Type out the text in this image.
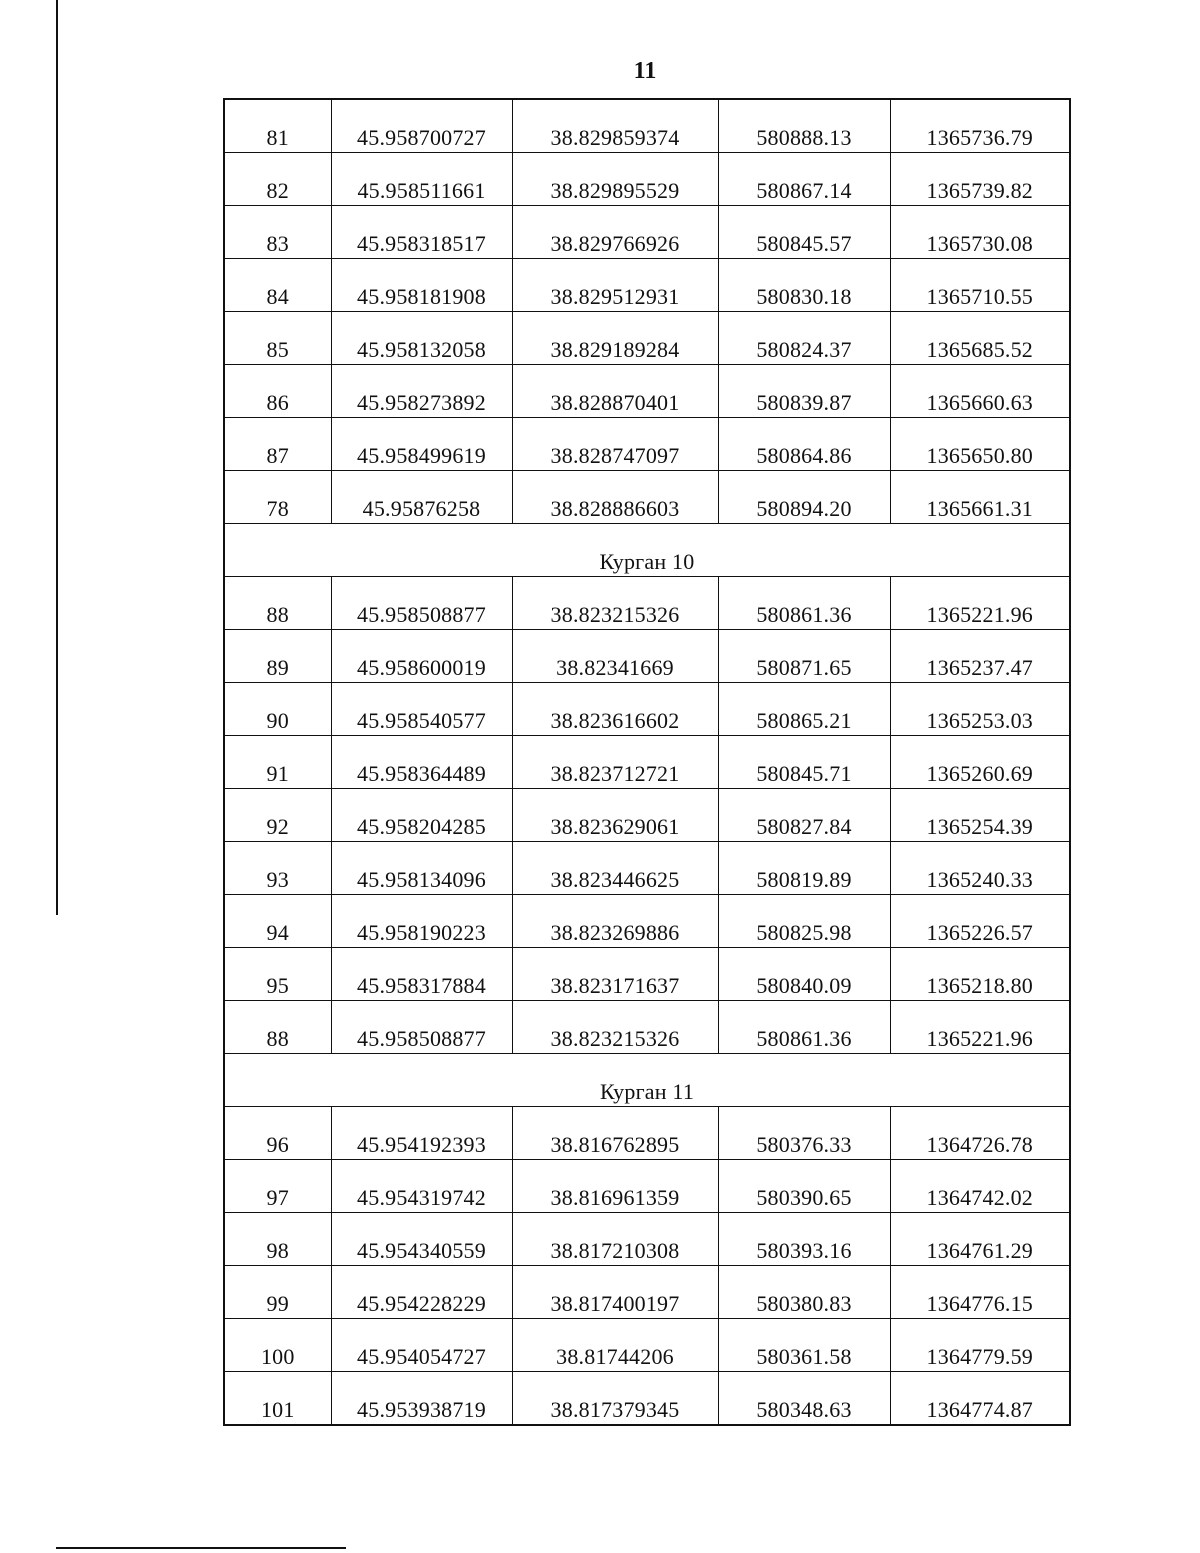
11
81	45.958700727	38.829859374	580888.13	1365736.79
82	45.958511661	38.829895529	580867.14	1365739.82
83	45.958318517	38.829766926	580845.57	1365730.08
84	45.958181908	38.829512931	580830.18	1365710.55
85	45.958132058	38.829189284	580824.37	1365685.52
86	45.958273892	38.828870401	580839.87	1365660.63
87	45.958499619	38.828747097	580864.86	1365650.80
78	45.95876258	38.828886603	580894.20	1365661.31
Курган 10				
88	45.958508877	38.823215326	580861.36	1365221.96
89	45.958600019	38.82341669	580871.65	1365237.47
90	45.958540577	38.823616602	580865.21	1365253.03
91	45.958364489	38.823712721	580845.71	1365260.69
92	45.958204285	38.823629061	580827.84	1365254.39
93	45.958134096	38.823446625	580819.89	1365240.33
94	45.958190223	38.823269886	580825.98	1365226.57
95	45.958317884	38.823171637	580840.09	1365218.80
88	45.958508877	38.823215326	580861.36	1365221.96
Курган 11				
96	45.954192393	38.816762895	580376.33	1364726.78
97	45.954319742	38.816961359	580390.65	1364742.02
98	45.954340559	38.817210308	580393.16	1364761.29
99	45.954228229	38.817400197	580380.83	1364776.15
100	45.954054727	38.81744206	580361.58	1364779.59
101	45.953938719	38.817379345	580348.63	1364774.87
